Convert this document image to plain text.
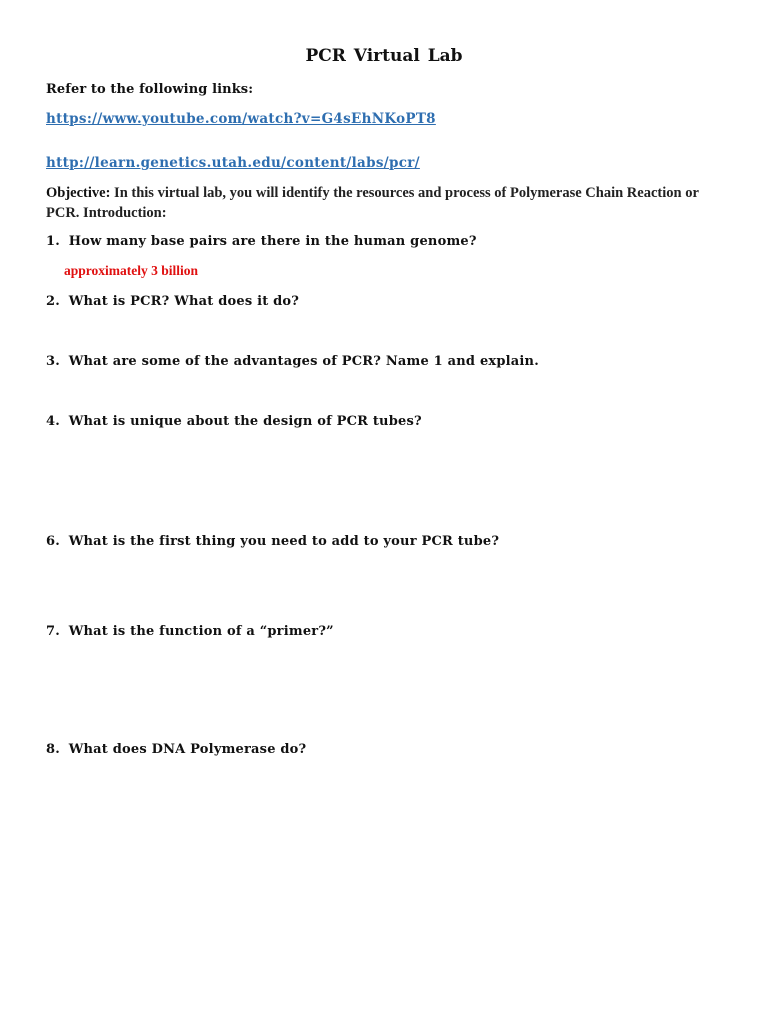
PCR Virtual Lab
Refer to the following links:
https://www.youtube.com/watch?v=G4sEhNKoPT8
http://learn.genetics.utah.edu/content/labs/pcr/
Objective: In this virtual lab, you will identify the resources and process of Polymerase Chain Reaction or PCR. Introduction:
1. How many base pairs are there in the human genome?
approximately 3 billion
2. What is PCR? What does it do?
3. What are some of the advantages of PCR? Name 1 and explain.
4. What is unique about the design of PCR tubes?
6. What is the first thing you need to add to your PCR tube?
7. What is the function of a “primer?”
8. What does DNA Polymerase do?
